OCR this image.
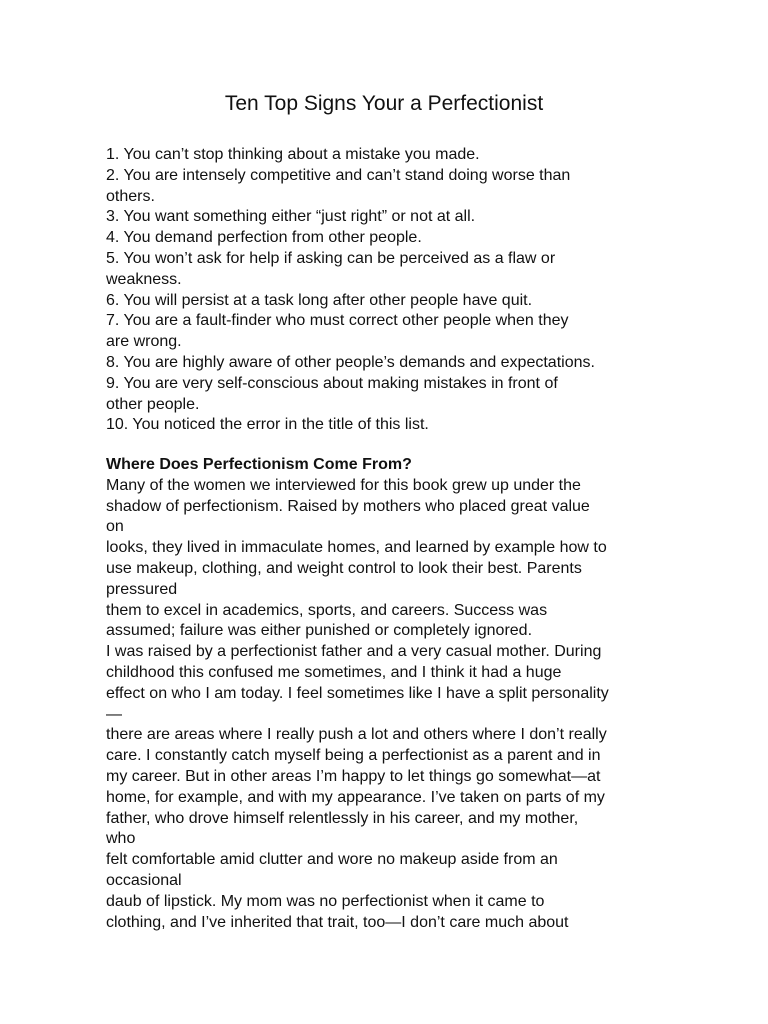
Ten Top Signs Your a Perfectionist
1. You can’t stop thinking about a mistake you made.
2. You are intensely competitive and can’t stand doing worse than
others.
3. You want something either “just right” or not at all.
4. You demand perfection from other people.
5. You won’t ask for help if asking can be perceived as a flaw or
weakness.
6. You will persist at a task long after other people have quit.
7. You are a fault-finder who must correct other people when they
are wrong.
8. You are highly aware of other people’s demands and expectations.
9. You are very self-conscious about making mistakes in front of
other people.
10. You noticed the error in the title of this list.
Where Does Perfectionism Come From?
Many of the women we interviewed for this book grew up under the
shadow of perfectionism. Raised by mothers who placed great value
on
looks, they lived in immaculate homes, and learned by example how to
use makeup, clothing, and weight control to look their best. Parents
pressured
them to excel in academics, sports, and careers. Success was
assumed; failure was either punished or completely ignored.
I was raised by a perfectionist father and a very casual mother. During
childhood this confused me sometimes, and I think it had a huge
effect on who I am today. I feel sometimes like I have a split personality
—
there are areas where I really push a lot and others where I don’t really
care. I constantly catch myself being a perfectionist as a parent and in
my career. But in other areas I’m happy to let things go somewhat—at
home, for example, and with my appearance. I’ve taken on parts of my
father, who drove himself relentlessly in his career, and my mother,
who
felt comfortable amid clutter and wore no makeup aside from an
occasional
daub of lipstick. My mom was no perfectionist when it came to
clothing, and I’ve inherited that trait, too—I don’t care much about
